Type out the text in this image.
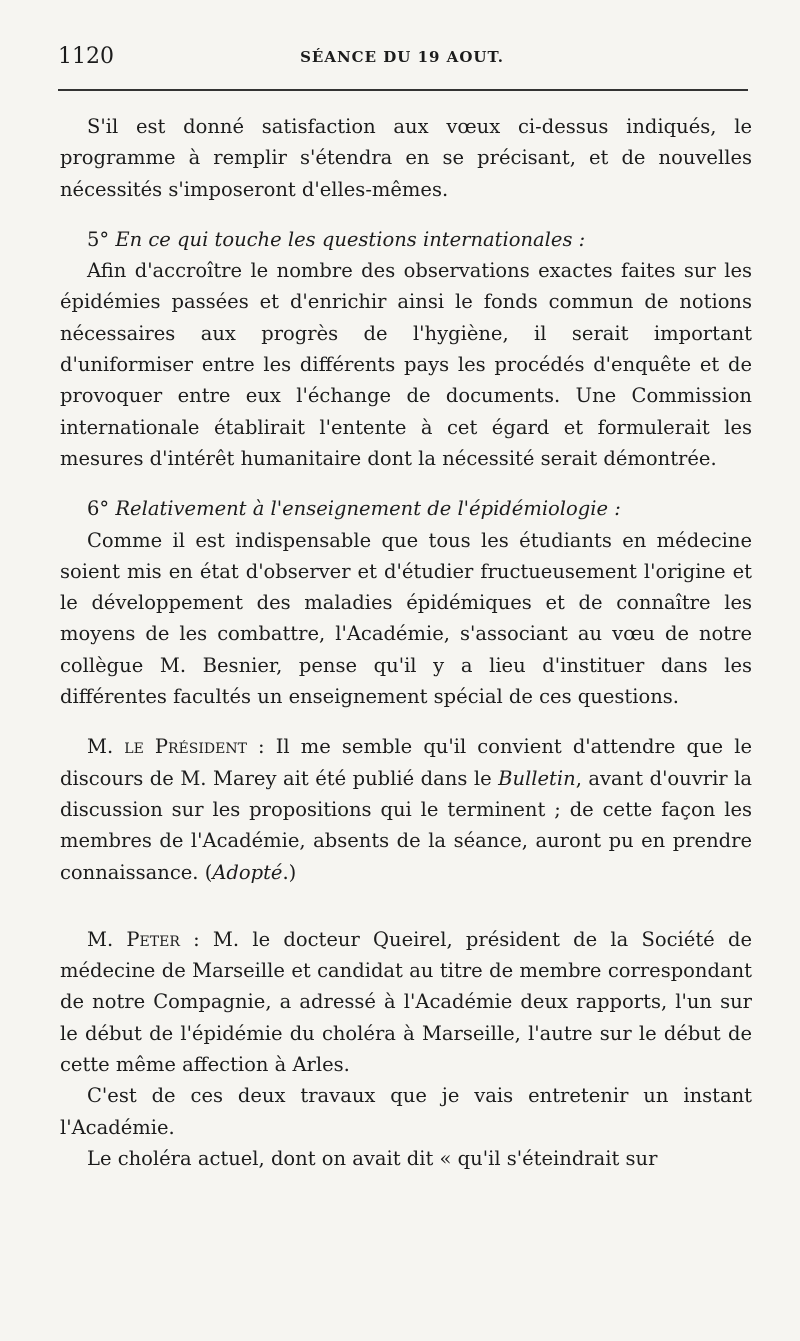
1120	SÉANCE DU 19 AOUT.

S'il est donné satisfaction aux vœux ci-dessus indiqués, le programme à remplir s'étendra en se précisant, et de nouvelles nécessités s'imposeront d'elles-mêmes.

5° En ce qui touche les questions internationales :

Afin d'accroître le nombre des observations exactes faites sur les épidémies passées et d'enrichir ainsi le fonds commun de notions nécessaires aux progrès de l'hygiène, il serait important d'uniformiser entre les différents pays les procédés d'enquête et de provoquer entre eux l'échange de documents. Une Commission internationale établirait l'entente à cet égard et formulerait les mesures d'intérêt humanitaire dont la nécessité serait démontrée.

6° Relativement à l'enseignement de l'épidémiologie :

Comme il est indispensable que tous les étudiants en médecine soient mis en état d'observer et d'étudier fructueusement l'origine et le développement des maladies épidémiques et de connaître les moyens de les combattre, l'Académie, s'associant au vœu de notre collègue M. Besnier, pense qu'il y a lieu d'instituer dans les différentes facultés un enseignement spécial de ces questions.

M. le Président : Il me semble qu'il convient d'attendre que le discours de M. Marey ait été publié dans le Bulletin, avant d'ouvrir la discussion sur les propositions qui le terminent ; de cette façon les membres de l'Académie, absents de la séance, auront pu en prendre connaissance. (Adopté.)

M. Peter : M. le docteur Queirel, président de la Société de médecine de Marseille et candidat au titre de membre correspondant de notre Compagnie, a adressé à l'Académie deux rapports, l'un sur le début de l'épidémie du choléra à Marseille, l'autre sur le début de cette même affection à Arles.

C'est de ces deux travaux que je vais entretenir un instant l'Académie.

Le choléra actuel, dont on avait dit « qu'il s'éteindrait sur
